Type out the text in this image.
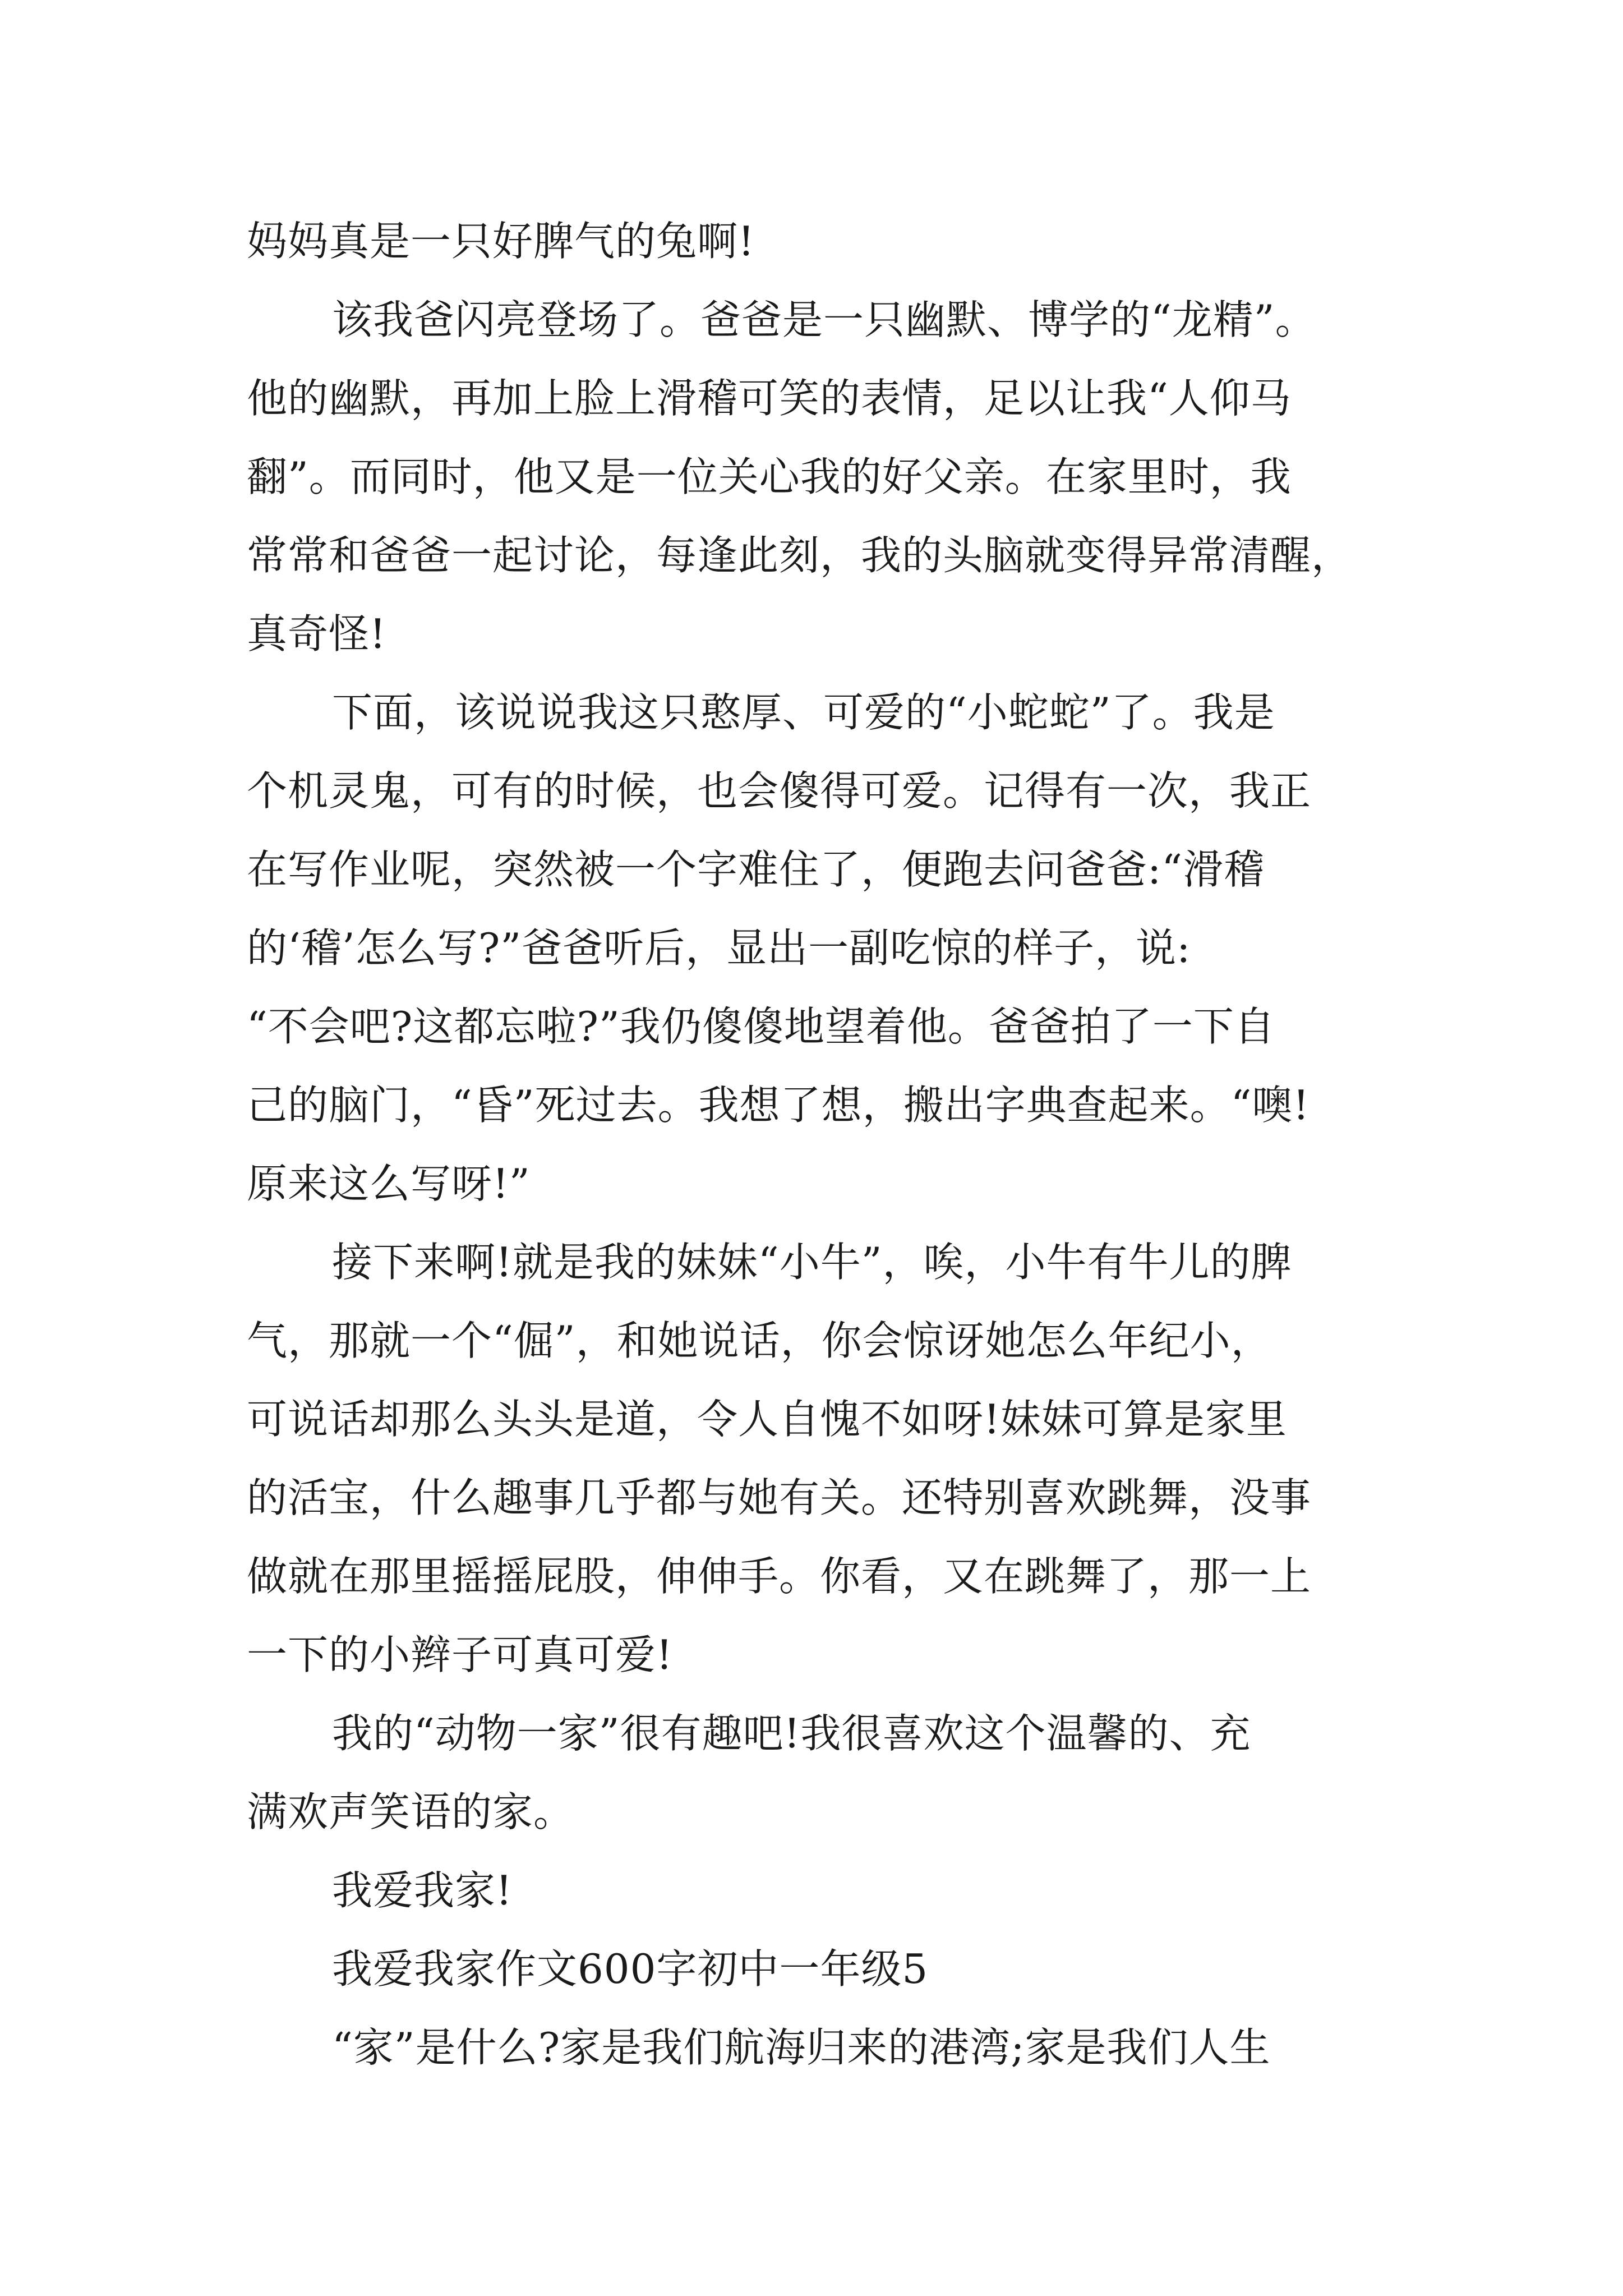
妈妈真是一只好脾气的兔啊!
该我爸闪亮登场了。爸爸是一只幽默、博学的“龙精”。
他的幽默，再加上脸上滑稽可笑的表情，足以让我“人仰马
翻”。而同时，他又是一位关心我的好父亲。在家里时，我
常常和爸爸一起讨论，每逢此刻，我的头脑就变得异常清醒，
真奇怪!
下面，该说说我这只憨厚、可爱的“小蛇蛇”了。我是
个机灵鬼，可有的时候，也会傻得可爱。记得有一次，我正
在写作业呢，突然被一个字难住了，便跑去问爸爸:“滑稽
的‘稽’怎么写?”爸爸听后，显出一副吃惊的样子，说:
“不会吧?这都忘啦?”我仍傻傻地望着他。爸爸拍了一下自
己的脑门，“昏”死过去。我想了想，搬出字典查起来。“噢!
原来这么写呀!”
接下来啊!就是我的妹妹“小牛”，唉，小牛有牛儿的脾
气，那就一个“倔”，和她说话，你会惊讶她怎么年纪小，
可说话却那么头头是道，令人自愧不如呀!妹妹可算是家里
的活宝，什么趣事几乎都与她有关。还特别喜欢跳舞，没事
做就在那里摇摇屁股，伸伸手。你看，又在跳舞了，那一上
一下的小辫子可真可爱!
我的“动物一家”很有趣吧!我很喜欢这个温馨的、充
满欢声笑语的家。
我爱我家!
我爱我家作文600字初中一年级5
“家”是什么?家是我们航海归来的港湾;家是我们人生
